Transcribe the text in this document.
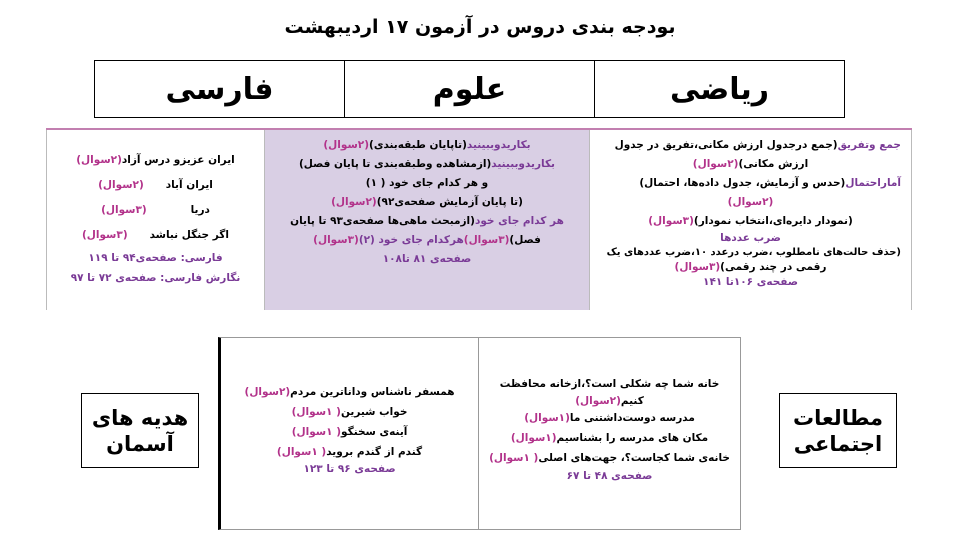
بودجه بندی دروس در آزمون ۱۷ اردیبهشت
ریاضی
علوم
فارسی
جمع وتفریق(جمع درجدول ارزش مکانی،تفریق در جدول
ارزش مکانی)(۲سوال)
آماراحتمال(حدس و آزمایش، جدول داده‌ها، احتمال)
(۲سوال)
(نمودار دایره‌ای،انتخاب نمودار)(۳سوال)
ضرب عددها
(حذف حالت‌های نامطلوب ،ضرب درعدد ۱۰،ضرب عددهای یک
رقمی در چند رقمی)(۳سوال)
صفحه‌ی ۱۰۶تا ۱۴۱
بکاریدوببینید(تاپایان طبقه‌بندی)(۲سوال)
بکاریدوببینید(ازمشاهده وطبقه‌بندی تا پایان فصل)
و هر کدام جای خود ( ۱)
(تا پایان آزمایش صفحه‌ی۹۲)(۲سوال)
هر کدام جای خود(ازمبحث ماهی‌ها صفحه‌ی۹۳ تا پایان
فصل)(۳سوال)هرکدام جای خود (۲)(۳سوال)
صفحه‌ی ۸۱ تا۱۰۸
ایران عزیزو درس آزاد(۲سوال)
ایران آباد      (۲سوال)
دریا            (۳سوال)
اگر جنگل نباشد      (۳سوال)
فارسی: صفحه‌ی۹۴ تا ۱۱۹
نگارش فارسی: صفحه‌ی ۷۲ تا ۹۷
خانه شما چه شکلی است؟،ازخانه محافظت
کنیم(۲سوال)
مدرسه دوست‌داشتنی ما(۱سوال)
مکان های مدرسه را بشناسیم(۱سوال)
خانه‌ی شما کجاست؟، جهت‌های اصلی( ۱سوال)
صفحه‌ی ۴۸ تا ۶۷
همسفر ناشناس ودانا‌ترین مردم(۲سوال)
خواب شیرین( ۱سوال)
آینه‌ی سخنگو( ۱سوال)
گندم از گندم بروید( ۱سوال)
صفحه‌ی ۹۶ تا ۱۲۳
مطالعات
اجتماعی
هدیه های
آسمان
